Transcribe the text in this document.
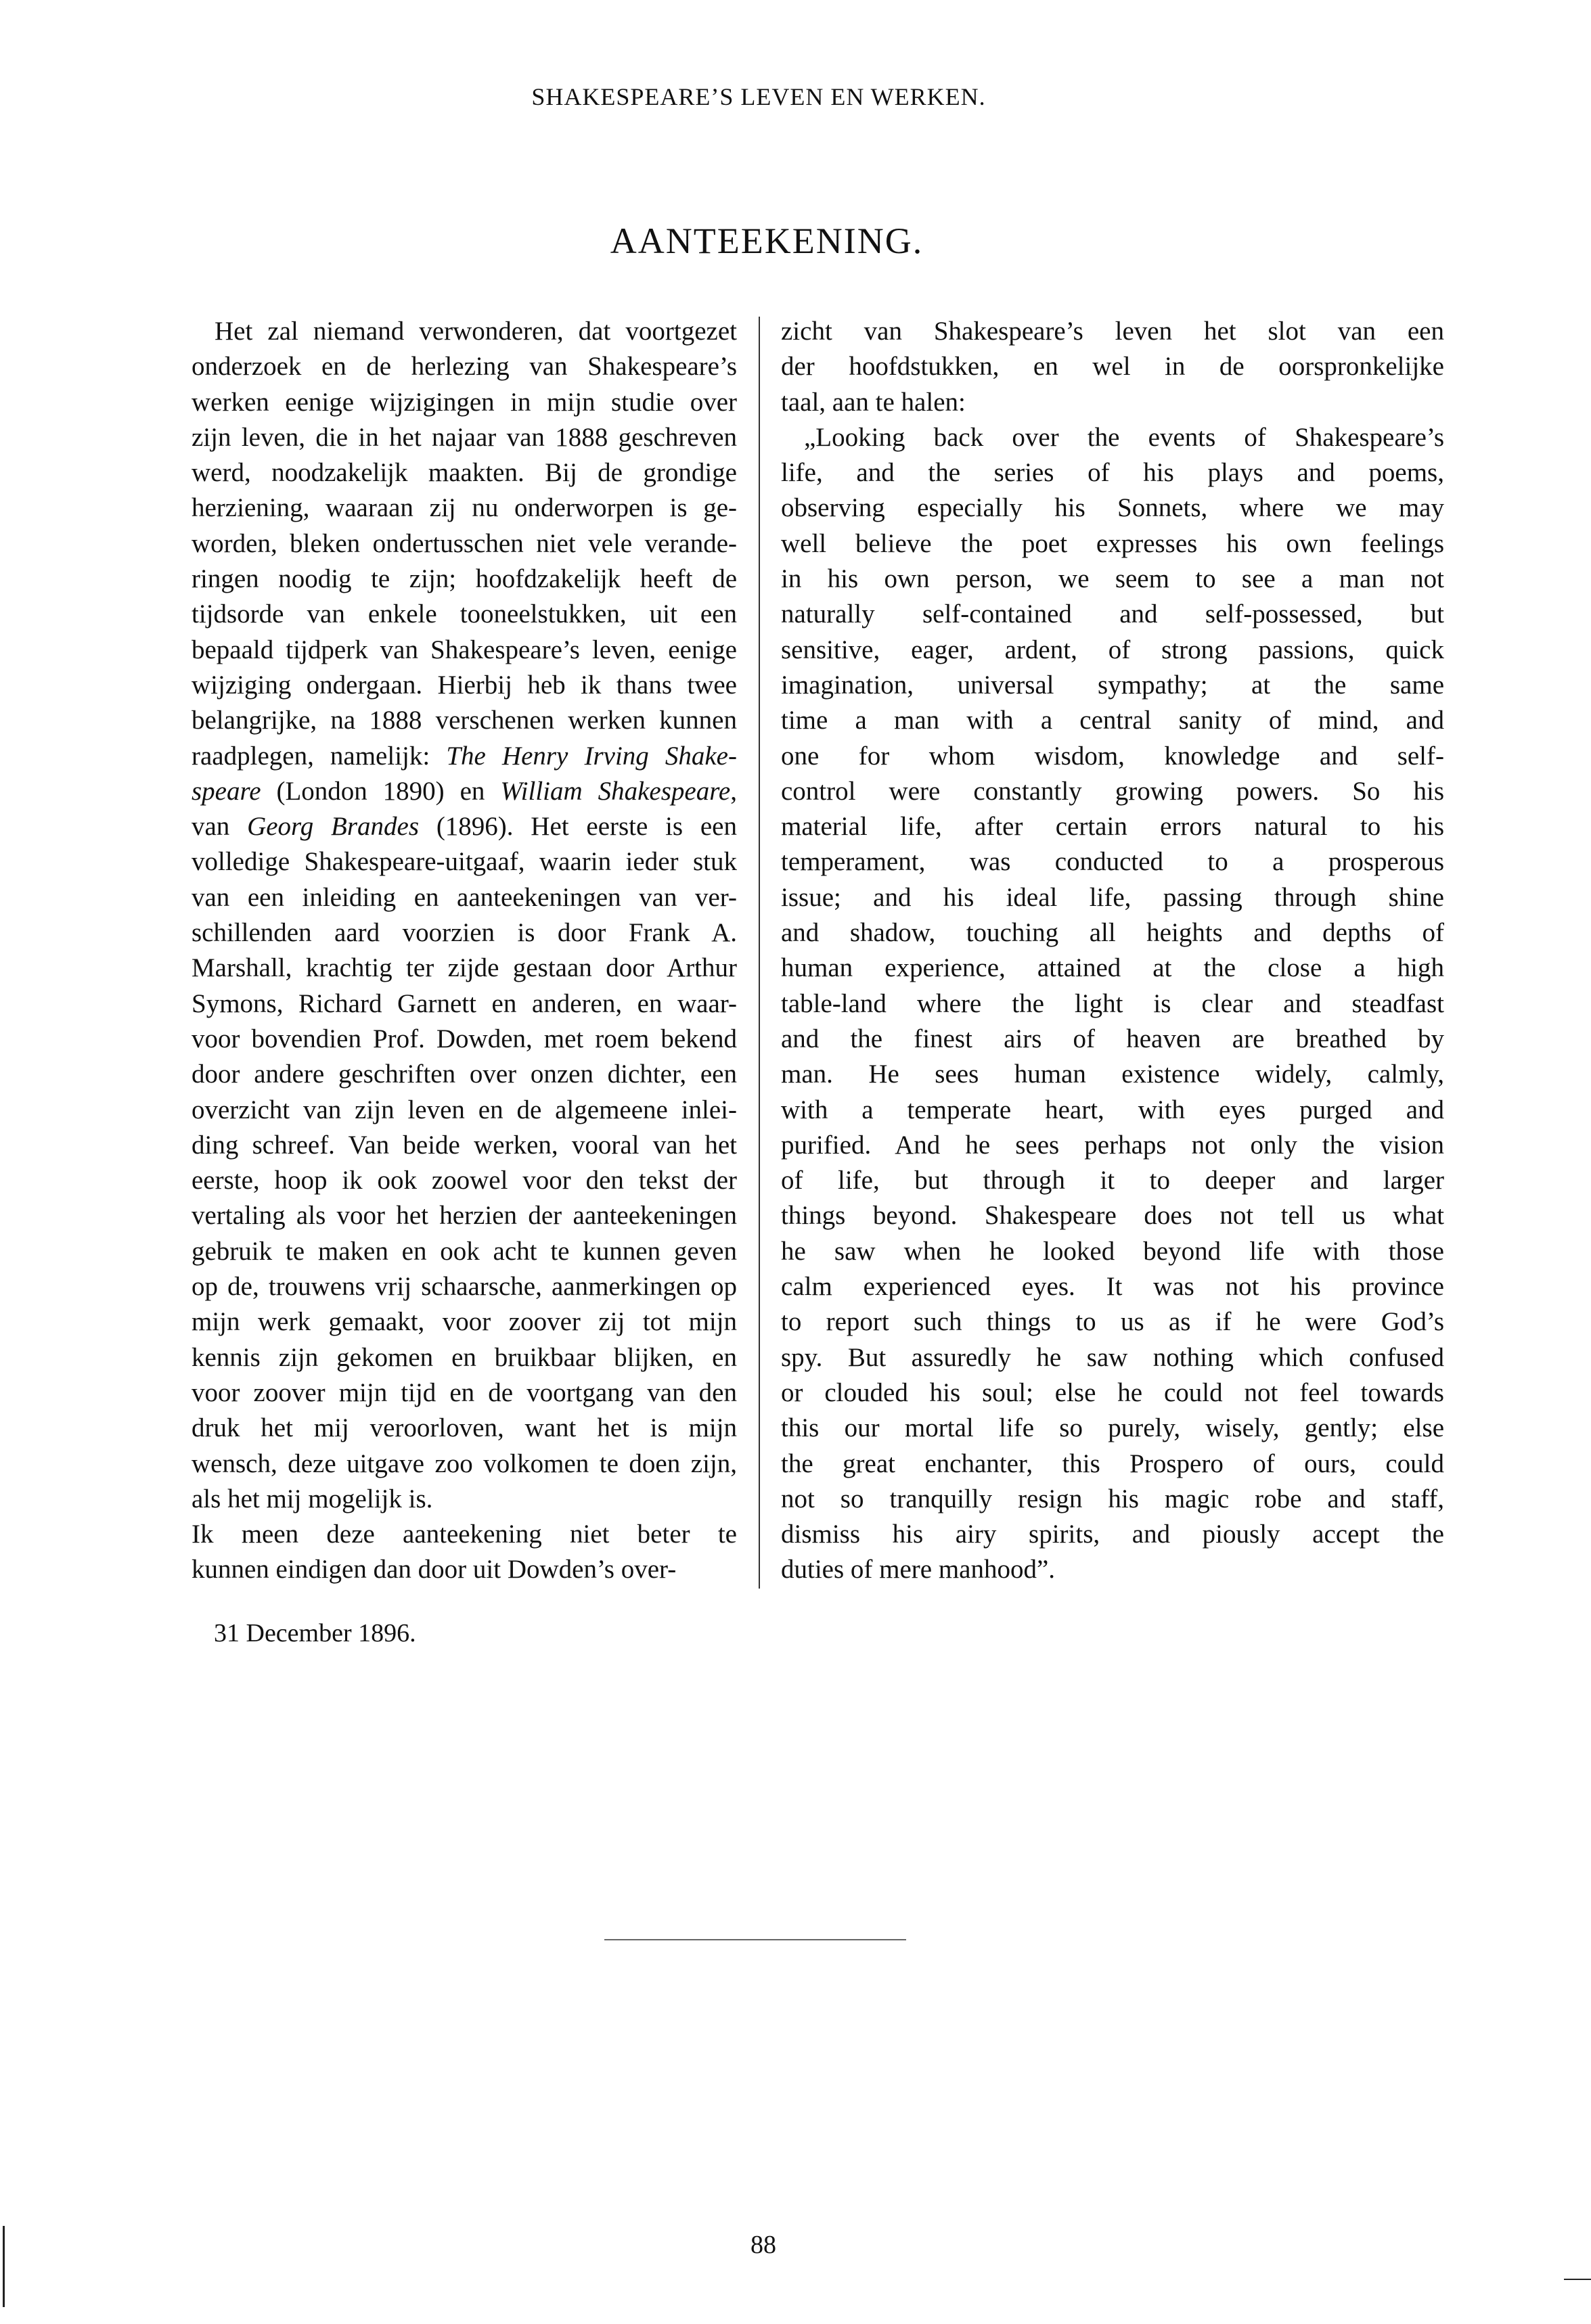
SHAKESPEARE’S LEVEN EN WERKEN.
AANTEEKENING.
Het zal niemand verwonderen, dat voortgezet
onderzoek en de herlezing van Shakespeare’s
werken eenige wijzigingen in mijn studie over
zijn leven, die in het najaar van 1888 geschreven
werd, noodzakelijk maakten. Bij de grondige
herziening, waaraan zij nu onderworpen is ge-
worden, bleken ondertusschen niet vele verande-
ringen noodig te zijn; hoofdzakelijk heeft de
tijdsorde van enkele tooneelstukken, uit een
bepaald tijdperk van Shakespeare’s leven, eenige
wijziging ondergaan. Hierbij heb ik thans twee
belangrijke, na 1888 verschenen werken kunnen
raadplegen, namelijk: The Henry Irving Shake-
speare (London 1890) en William Shakespeare,
van Georg Brandes (1896). Het eerste is een
volledige Shakespeare-uitgaaf, waarin ieder stuk
van een inleiding en aanteekeningen van ver-
schillenden aard voorzien is door Frank A.
Marshall, krachtig ter zijde gestaan door Arthur
Symons, Richard Garnett en anderen, en waar-
voor bovendien Prof. Dowden, met roem bekend
door andere geschriften over onzen dichter, een
overzicht van zijn leven en de algemeene inlei-
ding schreef. Van beide werken, vooral van het
eerste, hoop ik ook zoowel voor den tekst der
vertaling als voor het herzien der aanteekeningen
gebruik te maken en ook acht te kunnen geven
op de, trouwens vrij schaarsche, aanmerkingen op
mijn werk gemaakt, voor zoover zij tot mijn
kennis zijn gekomen en bruikbaar blijken, en
voor zoover mijn tijd en de voortgang van den
druk het mij veroorloven, want het is mijn
wensch, deze uitgave zoo volkomen te doen zijn,
als het mij mogelijk is.
Ik meen deze aanteekening niet beter te
kunnen eindigen dan door uit Dowden’s over-
zicht van Shakespeare’s leven het slot van een
der hoofdstukken, en wel in de oorspronkelijke
taal, aan te halen:
„Looking back over the events of Shakespeare’s
life, and the series of his plays and poems,
observing especially his Sonnets, where we may
well believe the poet expresses his own feelings
in his own person, we seem to see a man not
naturally self-contained and self-possessed, but
sensitive, eager, ardent, of strong passions, quick
imagination, universal sympathy; at the same
time a man with a central sanity of mind, and
one for whom wisdom, knowledge and self-
control were constantly growing powers. So his
material life, after certain errors natural to his
temperament, was conducted to a prosperous
issue; and his ideal life, passing through shine
and shadow, touching all heights and depths of
human experience, attained at the close a high
table-land where the light is clear and steadfast
and the finest airs of heaven are breathed by
man. He sees human existence widely, calmly,
with a temperate heart, with eyes purged and
purified. And he sees perhaps not only the vision
of life, but through it to deeper and larger
things beyond. Shakespeare does not tell us what
he saw when he looked beyond life with those
calm experienced eyes. It was not his province
to report such things to us as if he were God’s
spy. But assuredly he saw nothing which confused
or clouded his soul; else he could not feel towards
this our mortal life so purely, wisely, gently; else
the great enchanter, this Prospero of ours, could
not so tranquilly resign his magic robe and staff,
dismiss his airy spirits, and piously accept the
duties of mere manhood”.
31 December 1896.
88
